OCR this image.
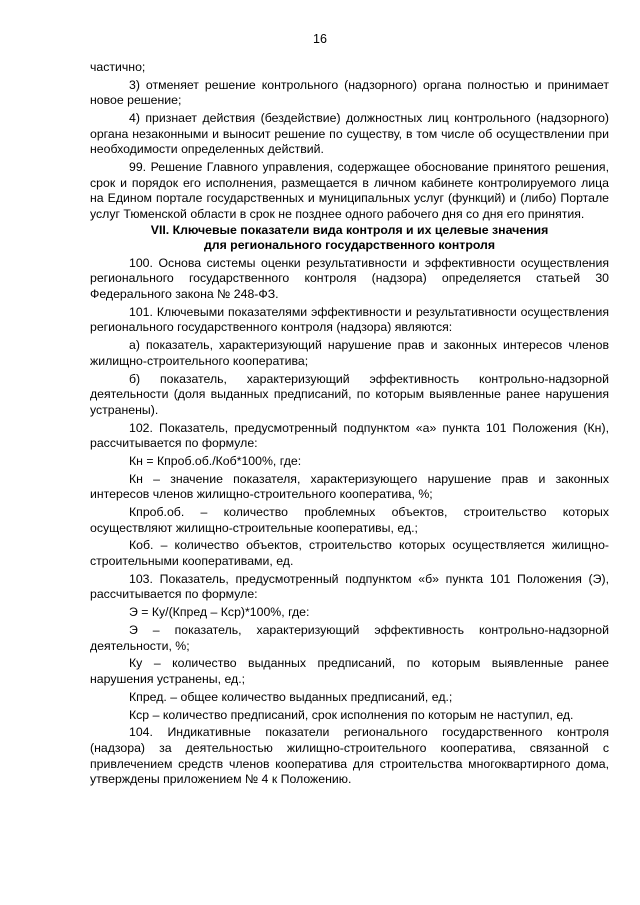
16

частично;

3) отменяет решение контрольного (надзорного) органа полностью и принимает новое решение;

4) признает действия (бездействие) должностных лиц контрольного (надзорного) органа незаконными и выносит решение по существу, в том числе об осуществлении при необходимости определенных действий.

99. Решение Главного управления, содержащее обоснование принятого решения, срок и порядок его исполнения, размещается в личном кабинете контролируемого лица на Едином портале государственных и муниципальных услуг (функций) и (либо) Портале услуг Тюменской области в срок не позднее одного рабочего дня со дня его принятия.

VII. Ключевые показатели вида контроля и их целевые значения
для регионального государственного контроля

100. Основа системы оценки результативности и эффективности осуществления регионального государственного контроля (надзора) определяется статьей 30 Федерального закона № 248-ФЗ.

101. Ключевыми показателями эффективности и результативности осуществления регионального государственного контроля (надзора) являются:

а) показатель, характеризующий нарушение прав и законных интересов членов жилищно-строительного кооператива;

б) показатель, характеризующий эффективность контрольно-надзорной деятельности (доля выданных предписаний, по которым выявленные ранее нарушения устранены).

102. Показатель, предусмотренный подпунктом «а» пункта 101 Положения (Кн), рассчитывается по формуле:

Кн = Кпроб.об./Коб*100%, где:

Кн – значение показателя, характеризующего нарушение прав и законных интересов членов жилищно-строительного кооператива, %;

Кпроб.об. – количество проблемных объектов, строительство которых осуществляют жилищно-строительные кооперативы, ед.;

Коб. – количество объектов, строительство которых осуществляется жилищно-строительными кооперативами, ед.

103. Показатель, предусмотренный подпунктом «б» пункта 101 Положения (Э), рассчитывается по формуле:

Э = Ку/(Кпред – Кср)*100%, где:

Э – показатель, характеризующий эффективность контрольно-надзорной деятельности, %;

Ку – количество выданных предписаний, по которым выявленные ранее нарушения устранены, ед.;

Кпред. – общее количество выданных предписаний, ед.;

Кср – количество предписаний, срок исполнения по которым не наступил, ед.

104. Индикативные показатели регионального государственного контроля (надзора) за деятельностью жилищно-строительного кооператива, связанной с привлечением средств членов кооператива для строительства многоквартирного дома, утверждены приложением № 4 к Положению.
